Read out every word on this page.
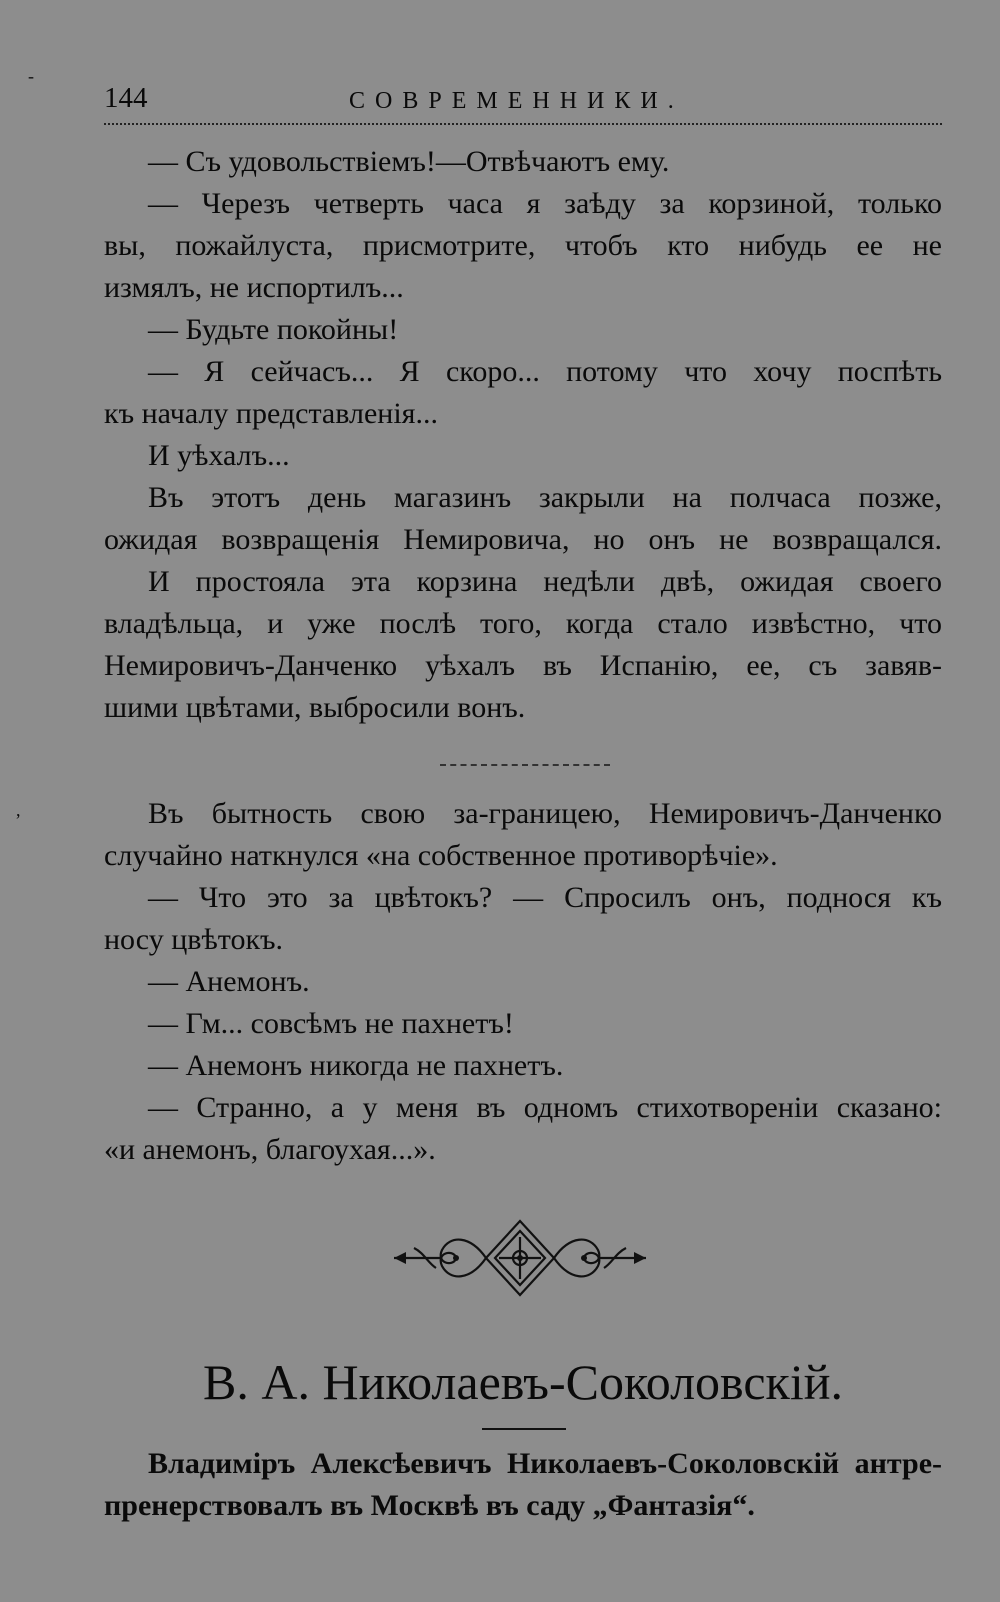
144	СОВРЕМЕННИКИ.
-
,
— Съ удовольствіемъ!—Отвѣчаютъ ему.
— Черезъ четверть часа я заѣду за корзиной, только
вы, пожайлуста, присмотрите, чтобъ кто нибудь ее не
измялъ, не испортилъ...
— Будьте покойны!
— Я сейчасъ... Я скоро... потому что хочу поспѣть
къ началу представленія...
И уѣхалъ...
Въ этотъ день магазинъ закрыли на полчаса позже,
ожидая возвращенія Немировича, но онъ не возвращался.
И простояла эта корзина недѣли двѣ, ожидая своего
владѣльца, и уже послѣ того, когда стало извѣстно, что
Немировичъ-Данченко уѣхалъ въ Испанію, ее, съ завяв-
шими цвѣтами, выбросили вонъ.
Въ бытность свою за-границею, Немировичъ-Данченко
случайно наткнулся «на собственное противорѣчіе».
— Что это за цвѣтокъ? — Спросилъ онъ, поднося къ
носу цвѣтокъ.
— Анемонъ.
— Гм... совсѣмъ не пахнетъ!
— Анемонъ никогда не пахнетъ.
— Странно, а у меня въ одномъ стихотвореніи сказано:
«и анемонъ, благоухая...».
В. А. Николаевъ-Соколовскій.
Владиміръ Алексѣевичъ Николаевъ-Соколовскій антре-
пренерствовалъ въ Москвѣ въ саду „Фантазія“.
